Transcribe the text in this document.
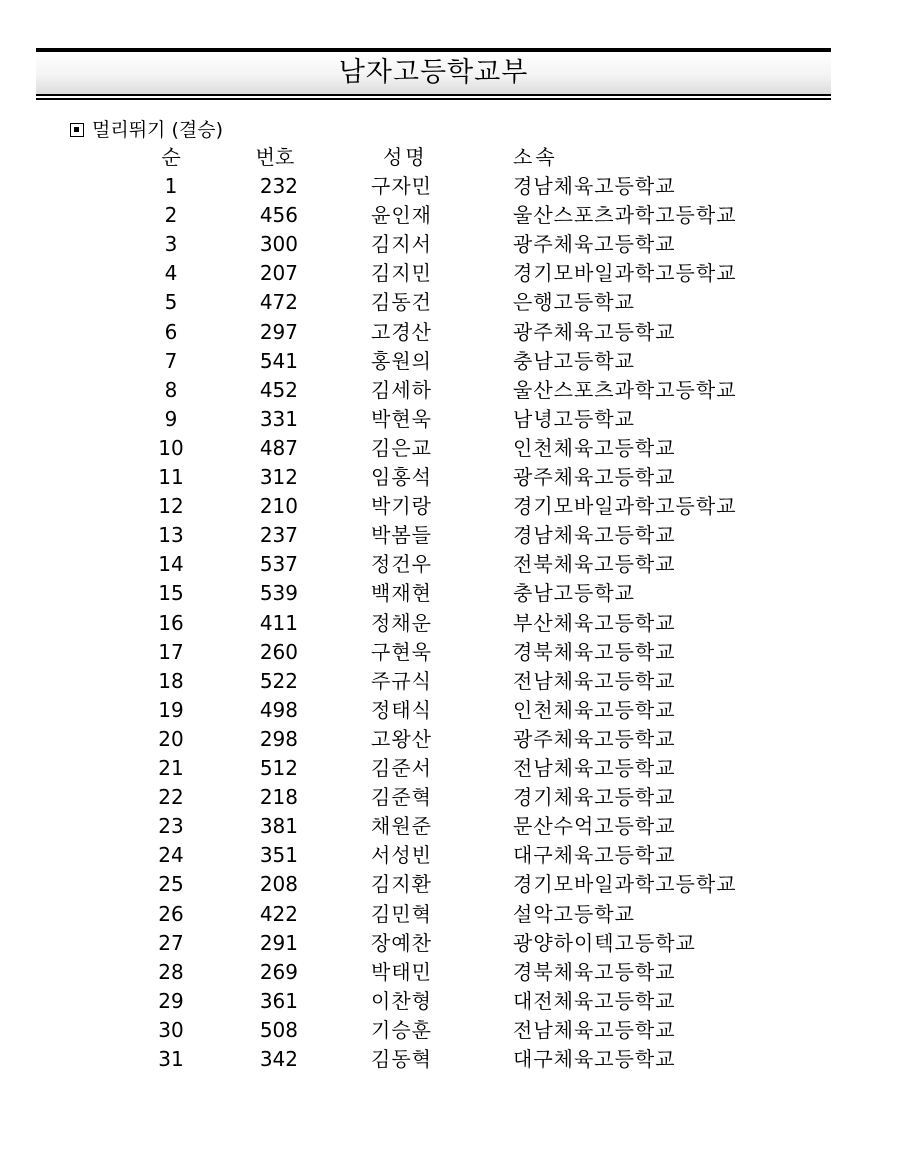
남자고등학교부
멀리뛰기 (결승)
순	번호	성명	소속
1	232	구자민	경남체육고등학교
2	456	윤인재	울산스포츠과학고등학교
3	300	김지서	광주체육고등학교
4	207	김지민	경기모바일과학고등학교
5	472	김동건	은행고등학교
6	297	고경산	광주체육고등학교
7	541	홍원의	충남고등학교
8	452	김세하	울산스포츠과학고등학교
9	331	박현욱	남녕고등학교
10	487	김은교	인천체육고등학교
11	312	임홍석	광주체육고등학교
12	210	박기랑	경기모바일과학고등학교
13	237	박봄들	경남체육고등학교
14	537	정건우	전북체육고등학교
15	539	백재현	충남고등학교
16	411	정채운	부산체육고등학교
17	260	구현욱	경북체육고등학교
18	522	주규식	전남체육고등학교
19	498	정태식	인천체육고등학교
20	298	고왕산	광주체육고등학교
21	512	김준서	전남체육고등학교
22	218	김준혁	경기체육고등학교
23	381	채원준	문산수억고등학교
24	351	서성빈	대구체육고등학교
25	208	김지환	경기모바일과학고등학교
26	422	김민혁	설악고등학교
27	291	장예찬	광양하이텍고등학교
28	269	박태민	경북체육고등학교
29	361	이찬형	대전체육고등학교
30	508	기승훈	전남체육고등학교
31	342	김동혁	대구체육고등학교
